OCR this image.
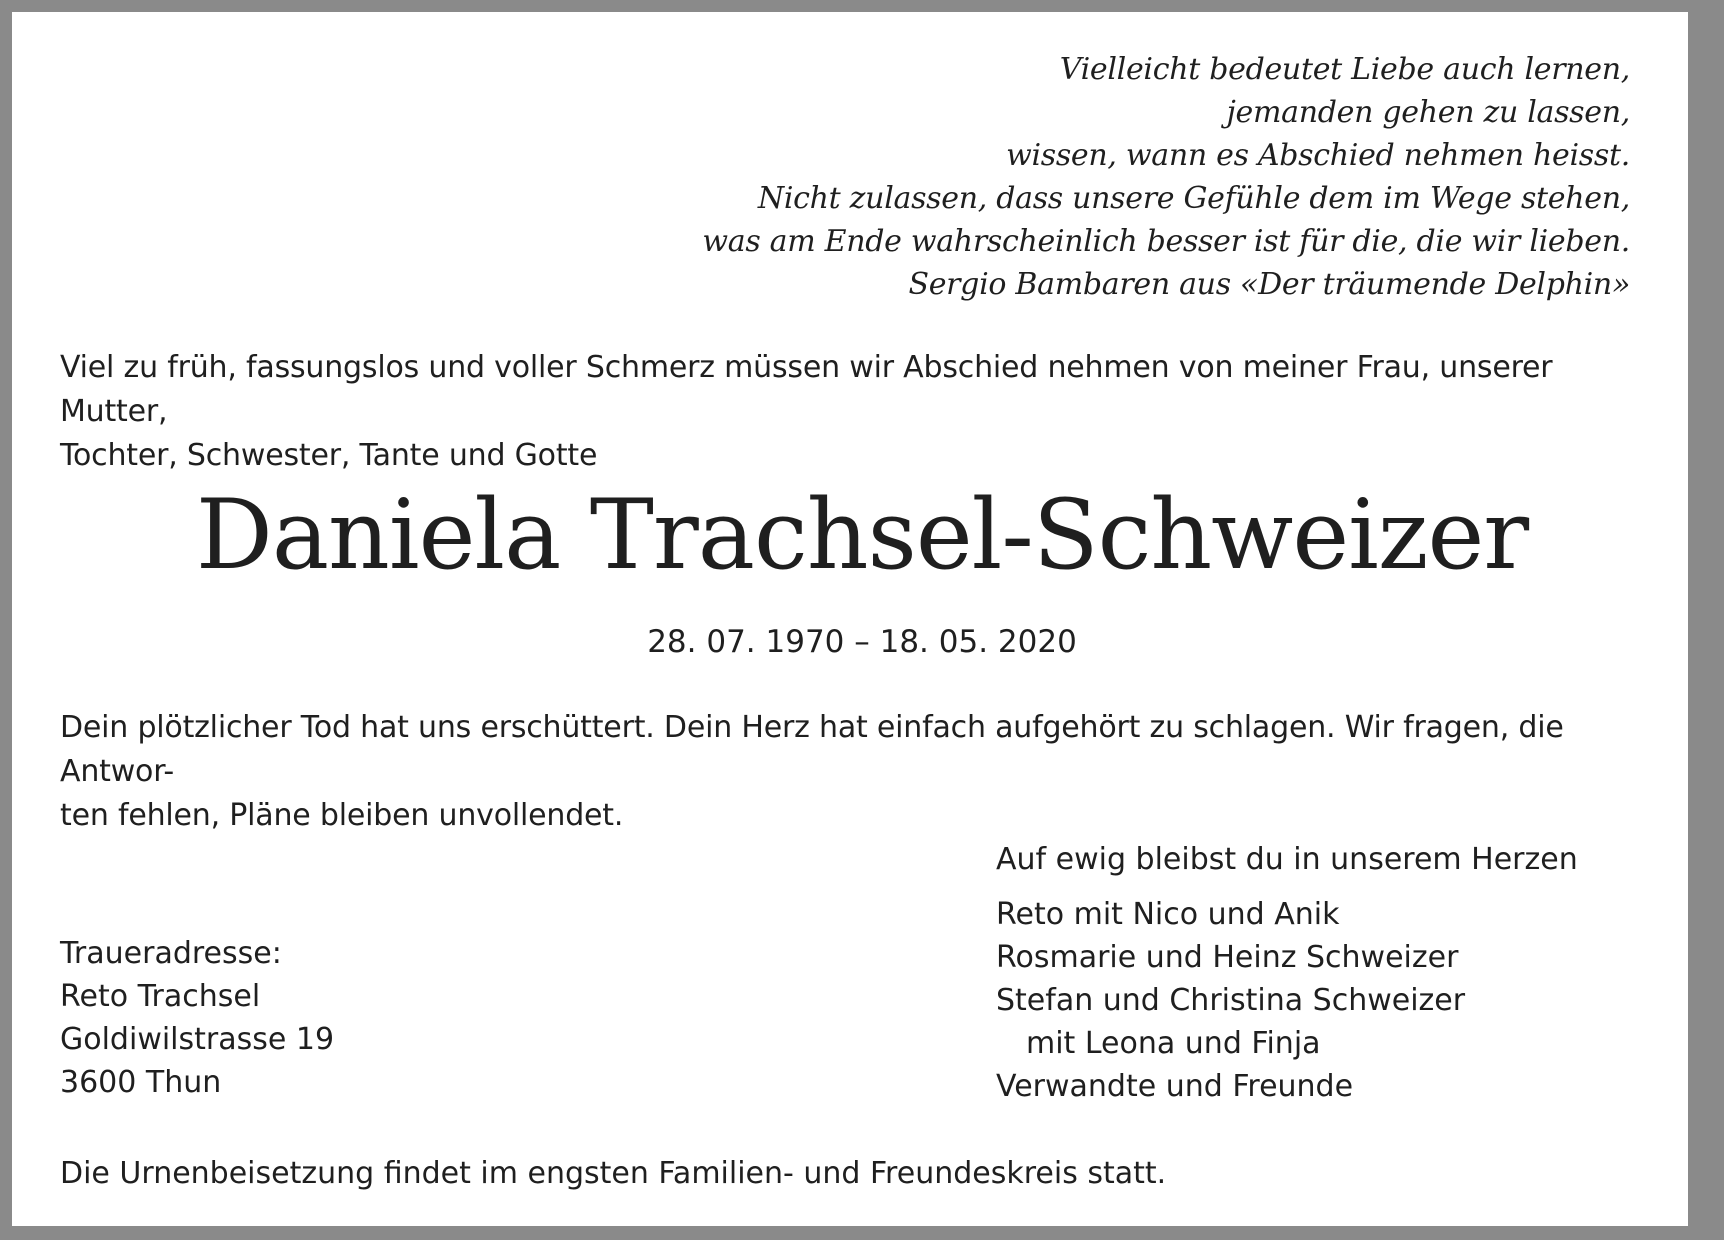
Vielleicht bedeutet Liebe auch lernen,
jemanden gehen zu lassen,
wissen, wann es Abschied nehmen heisst.
Nicht zulassen, dass unsere Gefühle dem im Wege stehen,
was am Ende wahrscheinlich besser ist für die, die wir lieben.
Sergio Bambaren aus «Der träumende Delphin»
Viel zu früh, fassungslos und voller Schmerz müssen wir Abschied nehmen von meiner Frau, unserer Mutter,
Tochter, Schwester, Tante und Gotte
Daniela Trachsel-Schweizer
28. 07. 1970 – 18. 05. 2020
Dein plötzlicher Tod hat uns erschüttert. Dein Herz hat einfach aufgehört zu schlagen. Wir fragen, die Antwor-
ten fehlen, Pläne bleiben unvollendet.
Auf ewig bleibst du in unserem Herzen
Reto mit Nico und Anik
Rosmarie und Heinz Schweizer
Stefan und Christina Schweizer
mit Leona und Finja
Verwandte und Freunde
Traueradresse:
Reto Trachsel
Goldiwilstrasse 19
3600 Thun
Die Urnenbeisetzung findet im engsten Familien- und Freundeskreis statt.
